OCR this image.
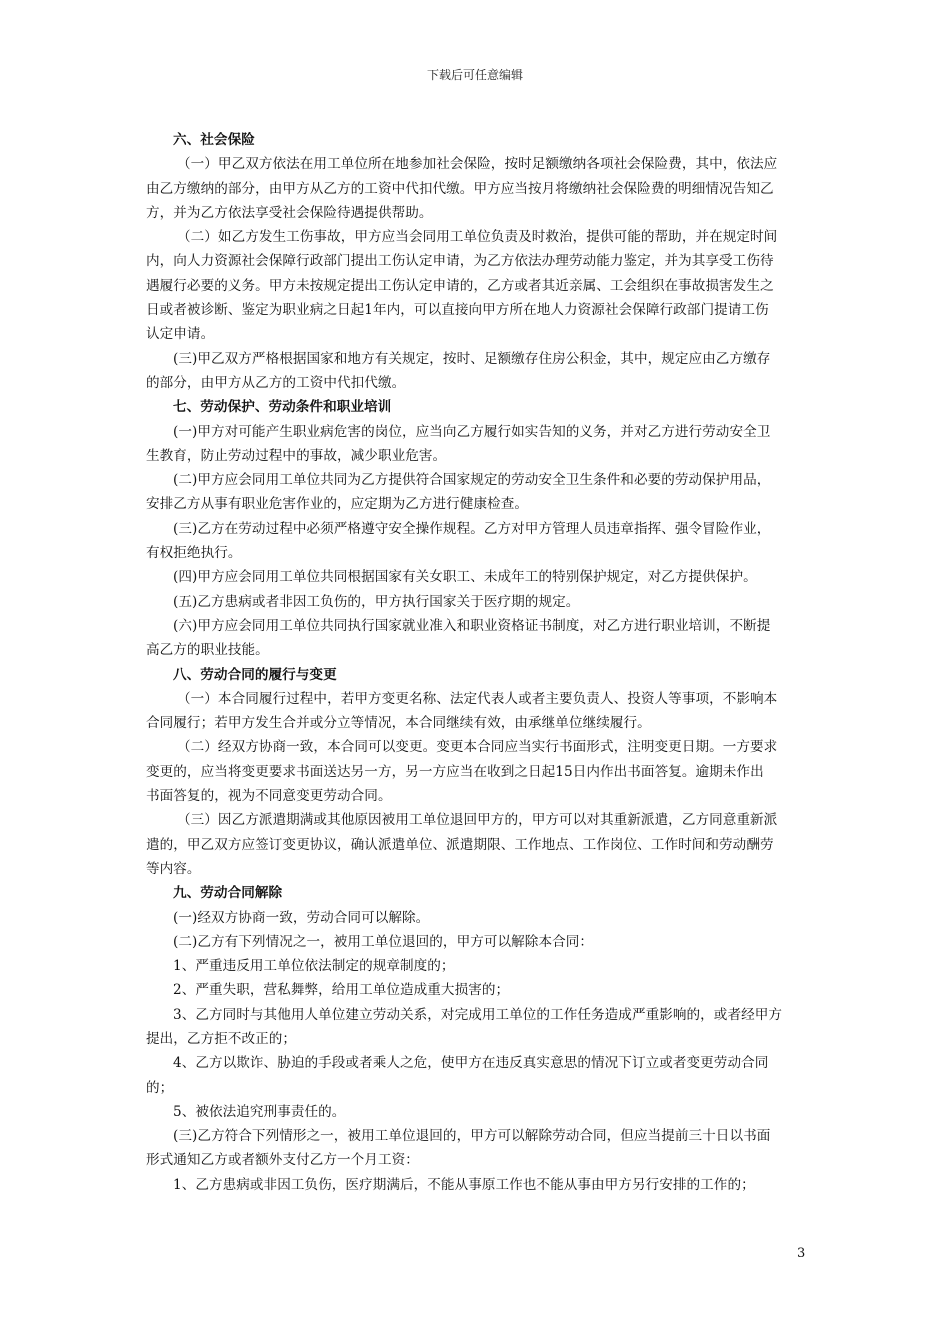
下载后可任意编辑
六、社会保险
（一）甲乙双方依法在用工单位所在地参加社会保险，按时足额缴纳各项社会保险费，其中，依法应
由乙方缴纳的部分，由甲方从乙方的工资中代扣代缴。甲方应当按月将缴纳社会保险费的明细情况告知乙
方，并为乙方依法享受社会保险待遇提供帮助。
（二）如乙方发生工伤事故，甲方应当会同用工单位负责及时救治，提供可能的帮助，并在规定时间
内，向人力资源社会保障行政部门提出工伤认定申请，为乙方依法办理劳动能力鉴定，并为其享受工伤待
遇履行必要的义务。甲方未按规定提出工伤认定申请的，乙方或者其近亲属、工会组织在事故损害发生之
日或者被诊断、鉴定为职业病之日起1年内，可以直接向甲方所在地人力资源社会保障行政部门提请工伤
认定申请。
(三)甲乙双方严格根据国家和地方有关规定，按时、足额缴存住房公积金，其中，规定应由乙方缴存
的部分，由甲方从乙方的工资中代扣代缴。
七、劳动保护、劳动条件和职业培训
(一)甲方对可能产生职业病危害的岗位，应当向乙方履行如实告知的义务，并对乙方进行劳动安全卫
生教育，防止劳动过程中的事故，减少职业危害。
(二)甲方应会同用工单位共同为乙方提供符合国家规定的劳动安全卫生条件和必要的劳动保护用品，
安排乙方从事有职业危害作业的，应定期为乙方进行健康检查。
(三)乙方在劳动过程中必须严格遵守安全操作规程。乙方对甲方管理人员违章指挥、强令冒险作业，
有权拒绝执行。
(四)甲方应会同用工单位共同根据国家有关女职工、未成年工的特别保护规定，对乙方提供保护。
(五)乙方患病或者非因工负伤的，甲方执行国家关于医疗期的规定。
(六)甲方应会同用工单位共同执行国家就业准入和职业资格证书制度，对乙方进行职业培训，不断提
高乙方的职业技能。
八、劳动合同的履行与变更
（一）本合同履行过程中，若甲方变更名称、法定代表人或者主要负责人、投资人等事项，不影响本
合同履行；若甲方发生合并或分立等情况，本合同继续有效，由承继单位继续履行。
（二）经双方协商一致，本合同可以变更。变更本合同应当实行书面形式，注明变更日期。一方要求
变更的，应当将变更要求书面送达另一方，另一方应当在收到之日起15日内作出书面答复。逾期未作出
书面答复的，视为不同意变更劳动合同。
（三）因乙方派遣期满或其他原因被用工单位退回甲方的，甲方可以对其重新派遣，乙方同意重新派
遣的，甲乙双方应签订变更协议，确认派遣单位、派遣期限、工作地点、工作岗位、工作时间和劳动酬劳
等内容。
九、劳动合同解除
(一)经双方协商一致，劳动合同可以解除。
(二)乙方有下列情况之一，被用工单位退回的，甲方可以解除本合同：
1、严重违反用工单位依法制定的规章制度的；
2、严重失职，营私舞弊，给用工单位造成重大损害的；
3、乙方同时与其他用人单位建立劳动关系，对完成用工单位的工作任务造成严重影响的，或者经甲方
提出，乙方拒不改正的；
4、乙方以欺诈、胁迫的手段或者乘人之危，使甲方在违反真实意思的情况下订立或者变更劳动合同
的；
5、被依法追究刑事责任的。
(三)乙方符合下列情形之一，被用工单位退回的，甲方可以解除劳动合同，但应当提前三十日以书面
形式通知乙方或者额外支付乙方一个月工资：
1、乙方患病或非因工负伤，医疗期满后，不能从事原工作也不能从事由甲方另行安排的工作的；
3
